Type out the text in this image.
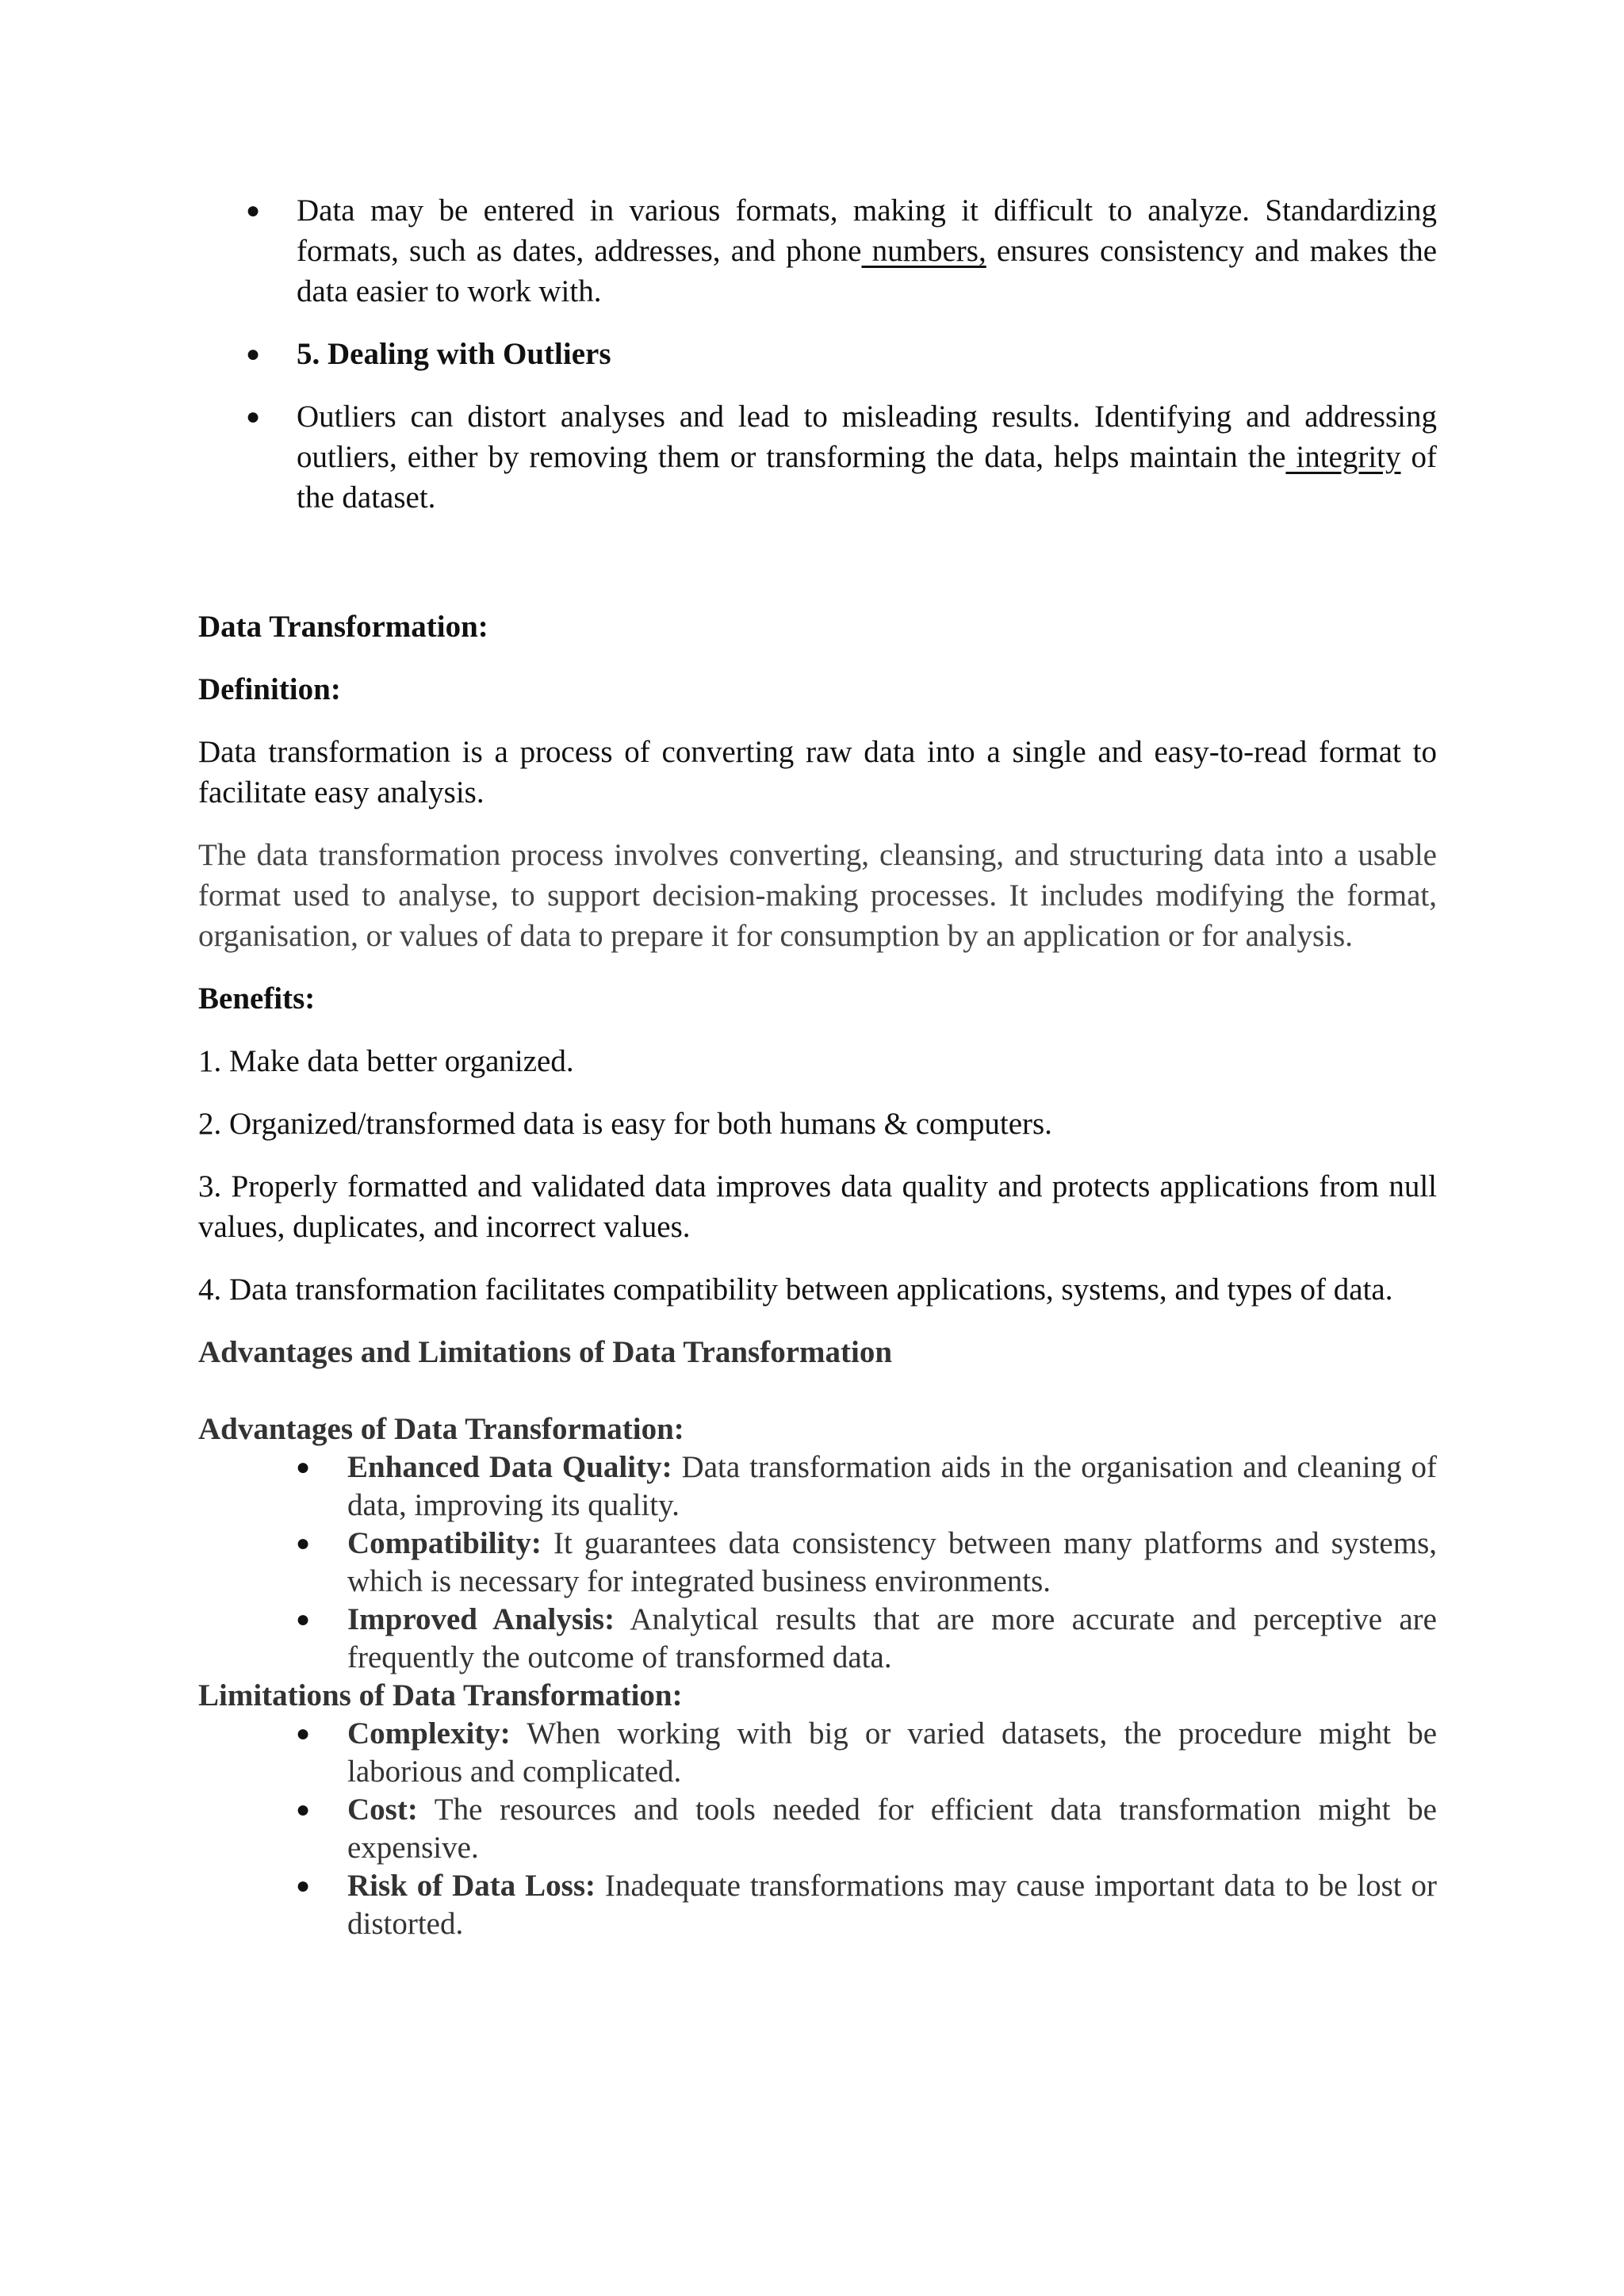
● Data may be entered in various formats, making it difficult to analyze. Standardizing formats, such as dates, addresses, and phone numbers, ensures consistency and makes the data easier to work with.
● 5. Dealing with Outliers
● Outliers can distort analyses and lead to misleading results. Identifying and addressing outliers, either by removing them or transforming the data, helps maintain the integrity of the dataset.

Data Transformation:

Definition:

Data transformation is a process of converting raw data into a single and easy-to-read format to facilitate easy analysis.

The data transformation process involves converting, cleansing, and structuring data into a usable format used to analyse, to support decision-making processes. It includes modifying the format, organisation, or values of data to prepare it for consumption by an application or for analysis.

Benefits:

1. Make data better organized.

2. Organized/transformed data is easy for both humans & computers.

3. Properly formatted and validated data improves data quality and protects applications from null values, duplicates, and incorrect values.

4. Data transformation facilitates compatibility between applications, systems, and types of data.

Advantages and Limitations of Data Transformation

Advantages of Data Transformation:

● Enhanced Data Quality: Data transformation aids in the organisation and cleaning of data, improving its quality.
● Compatibility: It guarantees data consistency between many platforms and systems, which is necessary for integrated business environments.
● Improved Analysis: Analytical results that are more accurate and perceptive are frequently the outcome of transformed data.

Limitations of Data Transformation:

● Complexity: When working with big or varied datasets, the procedure might be laborious and complicated.
● Cost: The resources and tools needed for efficient data transformation might be expensive.
● Risk of Data Loss: Inadequate transformations may cause important data to be lost or distorted.
